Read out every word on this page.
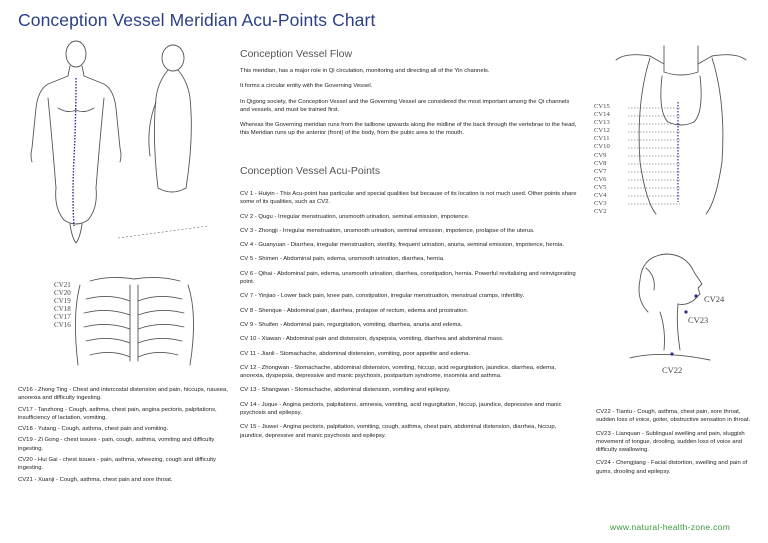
Conception Vessel Meridian Acu-Points Chart
CV21
CV20
CV19
CV18
CV17
CV16

CV16 - Zhong Ting - Chest and intercostal distension and pain, hiccups, nausea, anorexia and difficulty ingesting.

CV17 - Tanzhong - Cough, asthma, chest pain, angina pectoris, palpitations, insufficiency of lactation, vomiting.

CV18 - Yutang - Cough, asthma, chest pain and vomiting.

CV19 - Zi Gong - chest issues - pain, cough, asthma, vomiting and difficulty ingesting.

CV20 - Hui Gai - chest issues - pain, asthma, wheezing, cough and difficulty ingesting.

CV21 - Xuanji - Cough, asthma, chest pain and sore throat.

Conception Vessel Flow

This meridian, has a major role in Qi circulation, monitoring and directing all of the Yin channels.

It forms a circular entity with the Governing Vessel.

In Qigong society, the Conception Vessel and the Governing Vessel are considered the most important among the Qi channels and vessels, and must be trained first.

Whereas the Governing meridian runs from the tailbone upwards along the midline of the back through the vertebrae to the head, this Meridian runs up the anterior (front) of the body, from the pubic area to the mouth.

Conception Vessel Acu-Points

CV 1 - Huiyin - This Acu-point has particular and special qualities but because of its location is not much used. Other points share some of its qualities, such as CV2.

CV 2 - Qugu - Irregular menstruation, unsmooth urination, seminal emission, impotence.

CV 3 - Zhongji - Irregular menstruation, unsmooth urination, seminal emission, impotence, prolapse of the uterus.

CV 4 - Guanyuan - Diarrhea, irregular menstruation, sterility, frequent urination, anuria, seminal emission, impotence, hernia.

CV 5 - Shimen - Abdominal pain, edema, unsmooth urination, diarrhea, hernia.

CV 6 - Qihai - Abdominal pain, edema, unsmooth urination, diarrhea, constipation, hernia. Powerful revitalising and reinvigorating point.

CV 7 - Yinjiao - Lower back pain, knee pain, constipation, irregular menstruation, menstrual cramps, infertility.

CV 8 - Shenque - Abdominal pain, diarrhea, prolapse of rectum, edema and prostration.

CV 9 - Shuifen - Abdominal pain, regurgitation, vomiting, diarrhea, anuria and edema.

CV 10 - Xiawan - Abdominal pain and distension, dyspepsia, vomiting, diarrhea and abdominal mass.

CV 11 - Jianli - Stomachache, abdominal distension, vomiting, poor appetite and edema.

CV 12 - Zhongwan - Stomachache, abdominal distension, vomiting, hiccup, acid regurgitation, jaundice, diarrhea, edema, anorexia, dyspepsia, depressive and manic psychosis, postpartum syndrome, insomnia and asthma.

CV 13 - Shangwan - Stomachache, abdominal distension, vomiting and epilepsy.

CV 14 - Juque - Angina pectoris, palpitations, amnesia, vomiting, acid regurgitation, hiccup, jaundice, depressive and manic psychosis and epilepsy.

CV 15 - Jiuwei - Angina pectoris, palpitation, vomiting, cough, asthma, chest pain, abdominal distension, diarrhea, hiccup, jaundice, depressive and manic psychosis and epilepsy.

CV15
CV14
CV13
CV12
CV11
CV10
CV9
CV8
CV7
CV6
CV5
CV4
CV3
CV2
CV24
CV23
CV22

CV22 - Tiantu - Cough, asthma, chest pain, sore throat, sudden loss of voice, goiter, obstructive sensation in throat.

CV23 - Lianquan - Sublingual swelling and pain, sluggish movement of tongue, drooling, sudden loss of voice and difficulty swallowing.

CV24 - Chengjiang - Facial distortion, swelling and pain of gums, drooling and epilepsy.

www.natural-health-zone.com
